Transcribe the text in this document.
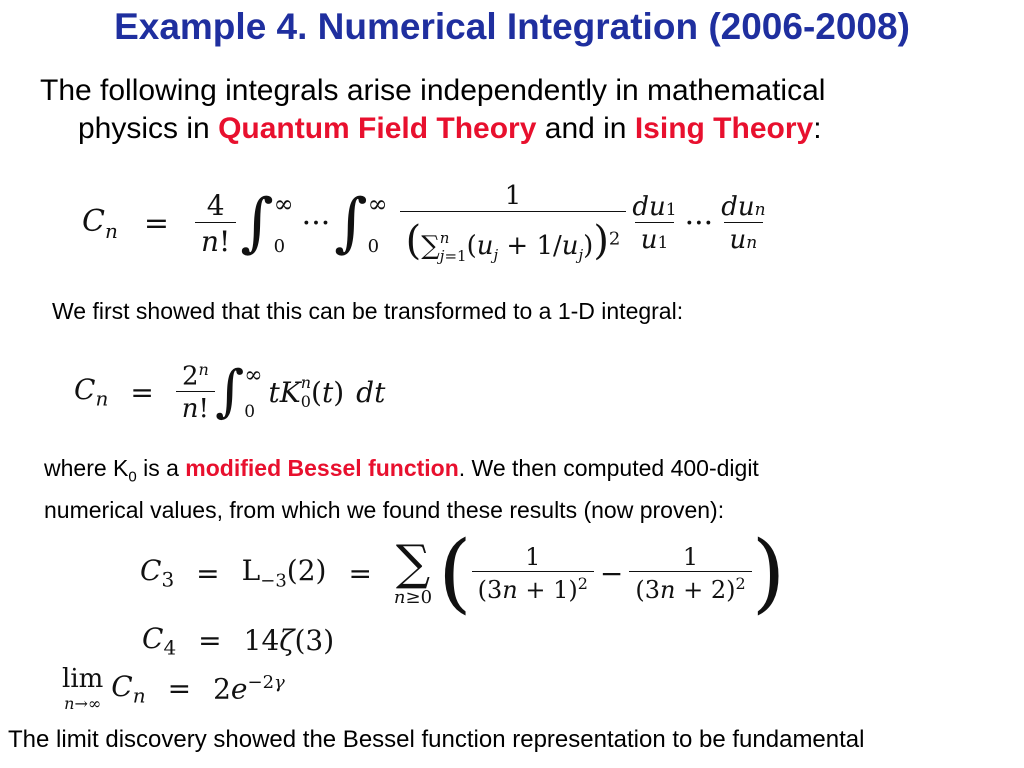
Example 4. Numerical Integration (2006-2008)
The following integrals arise independently in mathematical
physics in Quantum Field Theory and in Ising Theory:
$C_n = \frac{4}{n!}$ ∫ ∞
0
··· ∫ ∞
0 1
(∑ n
j=1 $(u_j + 1/u_j))^2 \frac{du1}{u1}$ ··· $\frac{\text{dun}}{un}$
We first showed that this can be transformed to a 1-D integral:
$C_n = \frac{2^n}{n!}$ ∫ ∞
0
tK n
0 ( t ) dt
where $K_0$ is a modified Bessel function. We then computed 400-digit
numerical values, from which we found these results (now proven):
$C_3 = L_{-3}(2)$ = ∑
n≥0 ( $\frac{1}{(3n + 1)^2} - \frac{1}{(3n + 2)^2}$ )
$C_4 = 14\zeta(3)$
lim
n→∞
$C_n = 2e^{-2\gamma}$
The limit discovery showed the Bessel function representation to be fundamental
